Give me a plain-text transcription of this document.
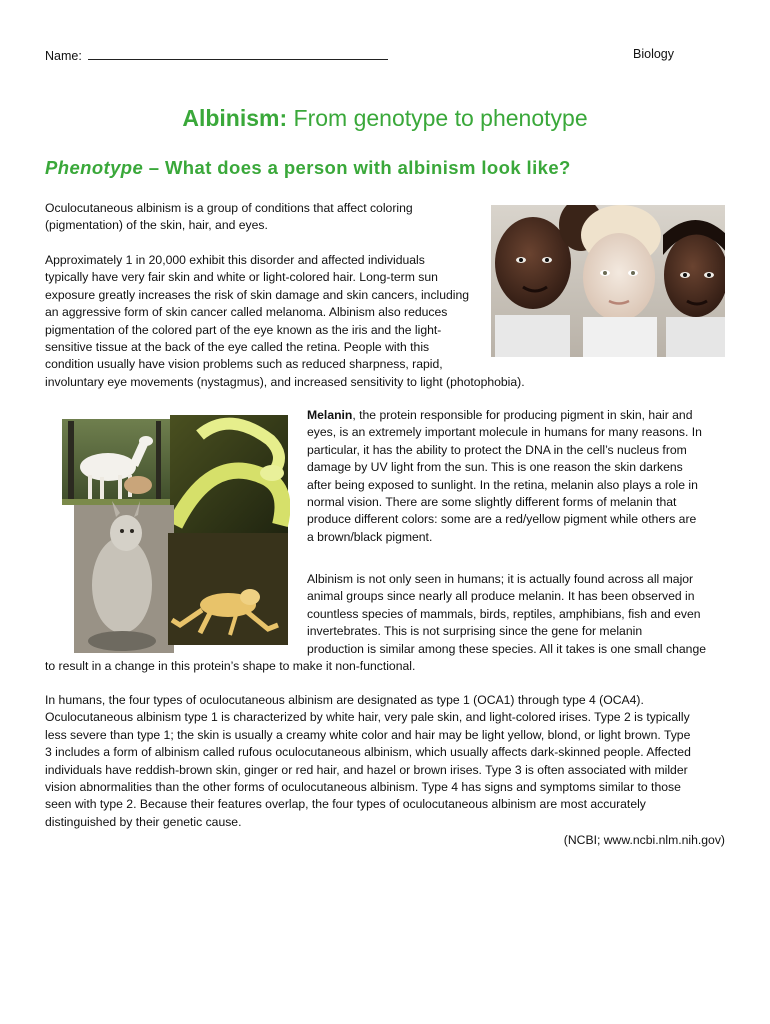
Name:	Biology
Albinism: From genotype to phenotype
Phenotype – What does a person with albinism look like?
Oculocutaneous albinism is a group of conditions that affect coloring
(pigmentation) of the skin, hair, and eyes.
Approximately 1 in 20,000 exhibit this disorder and affected individuals
typically have very fair skin and white or light-colored hair. Long-term sun
exposure greatly increases the risk of skin damage and skin cancers, including
an aggressive form of skin cancer called melanoma. Albinism also reduces
pigmentation of the colored part of the eye known as the iris and the light-
sensitive tissue at the back of the eye called the retina. People with this
condition usually have vision problems such as reduced sharpness, rapid,
involuntary eye movements (nystagmus), and increased sensitivity to light (photophobia).
Melanin, the protein responsible for producing pigment in skin, hair and
eyes, is an extremely important molecule in humans for many reasons. In
particular, it has the ability to protect the DNA in the cell’s nucleus from
damage by UV light from the sun. This is one reason the skin darkens
after being exposed to sunlight. In the retina, melanin also plays a role in
normal vision. There are some slightly different forms of melanin that
produce different colors: some are a red/yellow pigment while others are
a brown/black pigment.
Albinism is not only seen in humans; it is actually found across all major
animal groups since nearly all produce melanin. It has been observed in
countless species of mammals, birds, reptiles, amphibians, fish and even
invertebrates. This is not surprising since the gene for melanin
production is similar among these species. All it takes is one small change
to result in a change in this protein’s shape to make it non-functional.
In humans, the four types of oculocutaneous albinism are designated as type 1 (OCA1) through type 4 (OCA4).
Oculocutaneous albinism type 1 is characterized by white hair, very pale skin, and light-colored irises. Type 2 is typically
less severe than type 1; the skin is usually a creamy white color and hair may be light yellow, blond, or light brown. Type
3 includes a form of albinism called rufous oculocutaneous albinism, which usually affects dark-skinned people. Affected
individuals have reddish-brown skin, ginger or red hair, and hazel or brown irises. Type 3 is often associated with milder
vision abnormalities than the other forms of oculocutaneous albinism. Type 4 has signs and symptoms similar to those
seen with type 2. Because their features overlap, the four types of oculocutaneous albinism are most accurately
distinguished by their genetic cause.
(NCBI; www.ncbi.nlm.nih.gov)
